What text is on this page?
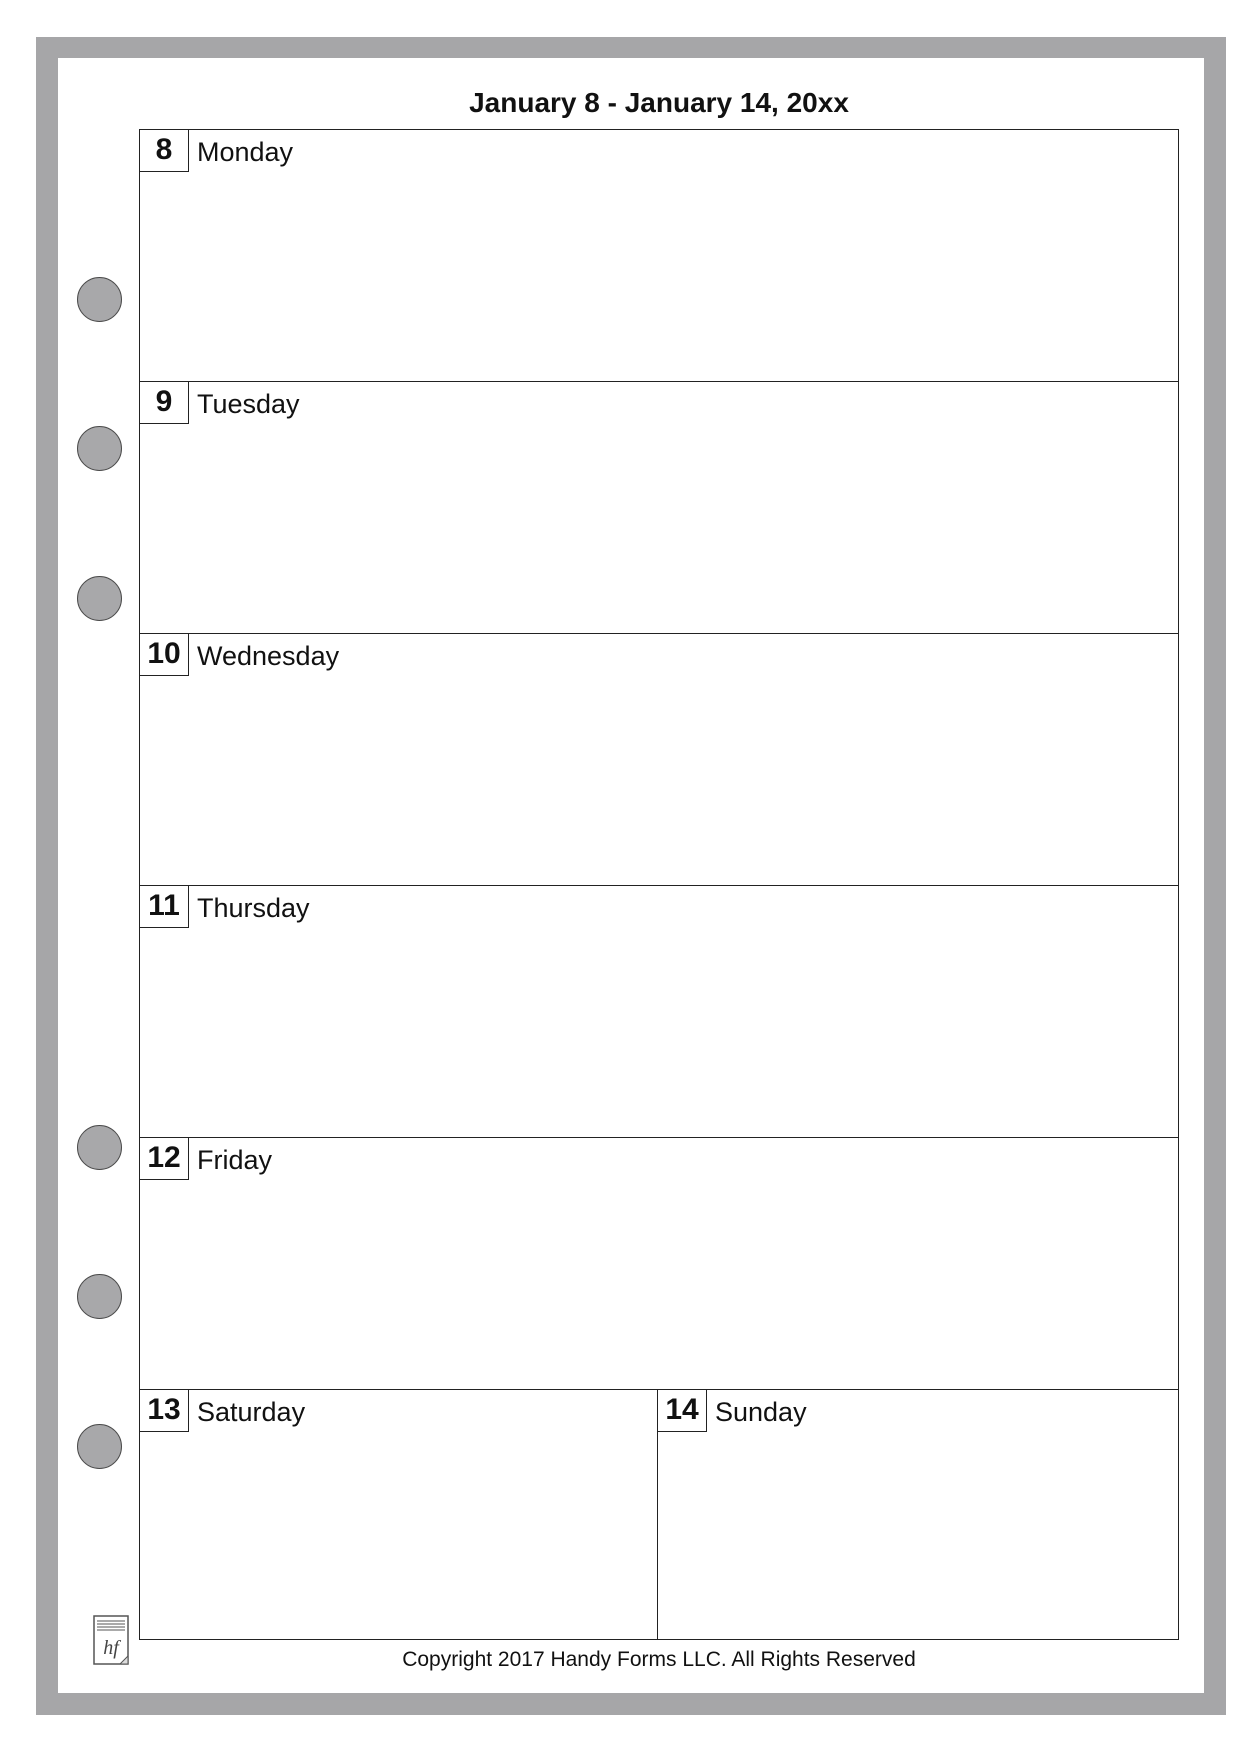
January 8 - January 14, 20xx
8 Monday
9 Tuesday
10 Wednesday
11 Thursday
12 Friday
13 Saturday	14 Sunday
hf	Copyright 2017 Handy Forms LLC. All Rights Reserved
